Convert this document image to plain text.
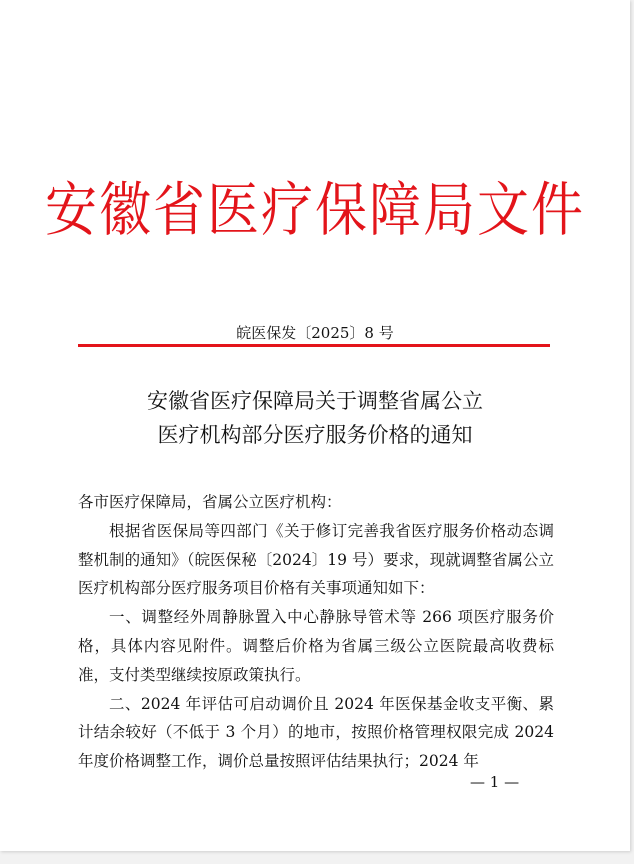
安徽省医疗保障局文件
皖医保发〔2025〕8 号
安徽省医疗保障局关于调整省属公立
医疗机构部分医疗服务价格的通知

各市医疗保障局，省属公立医疗机构：

根据省医保局等四部门《关于修订完善我省医疗服务价格动态调整机制的通知》（皖医保秘〔2024〕19 号）要求，现就调整省属公立医疗机构部分医疗服务项目价格有关事项通知如下：

一、调整经外周静脉置入中心静脉导管术等 266 项医疗服务价格，具体内容见附件。调整后价格为省属三级公立医院最高收费标准，支付类型继续按原政策执行。

二、2024 年评估可启动调价且 2024 年医保基金收支平衡、累计结余较好（不低于 3 个月）的地市，按照价格管理权限完成 2024 年度价格调整工作，调价总量按照评估结果执行；2024 年

— 1 —
